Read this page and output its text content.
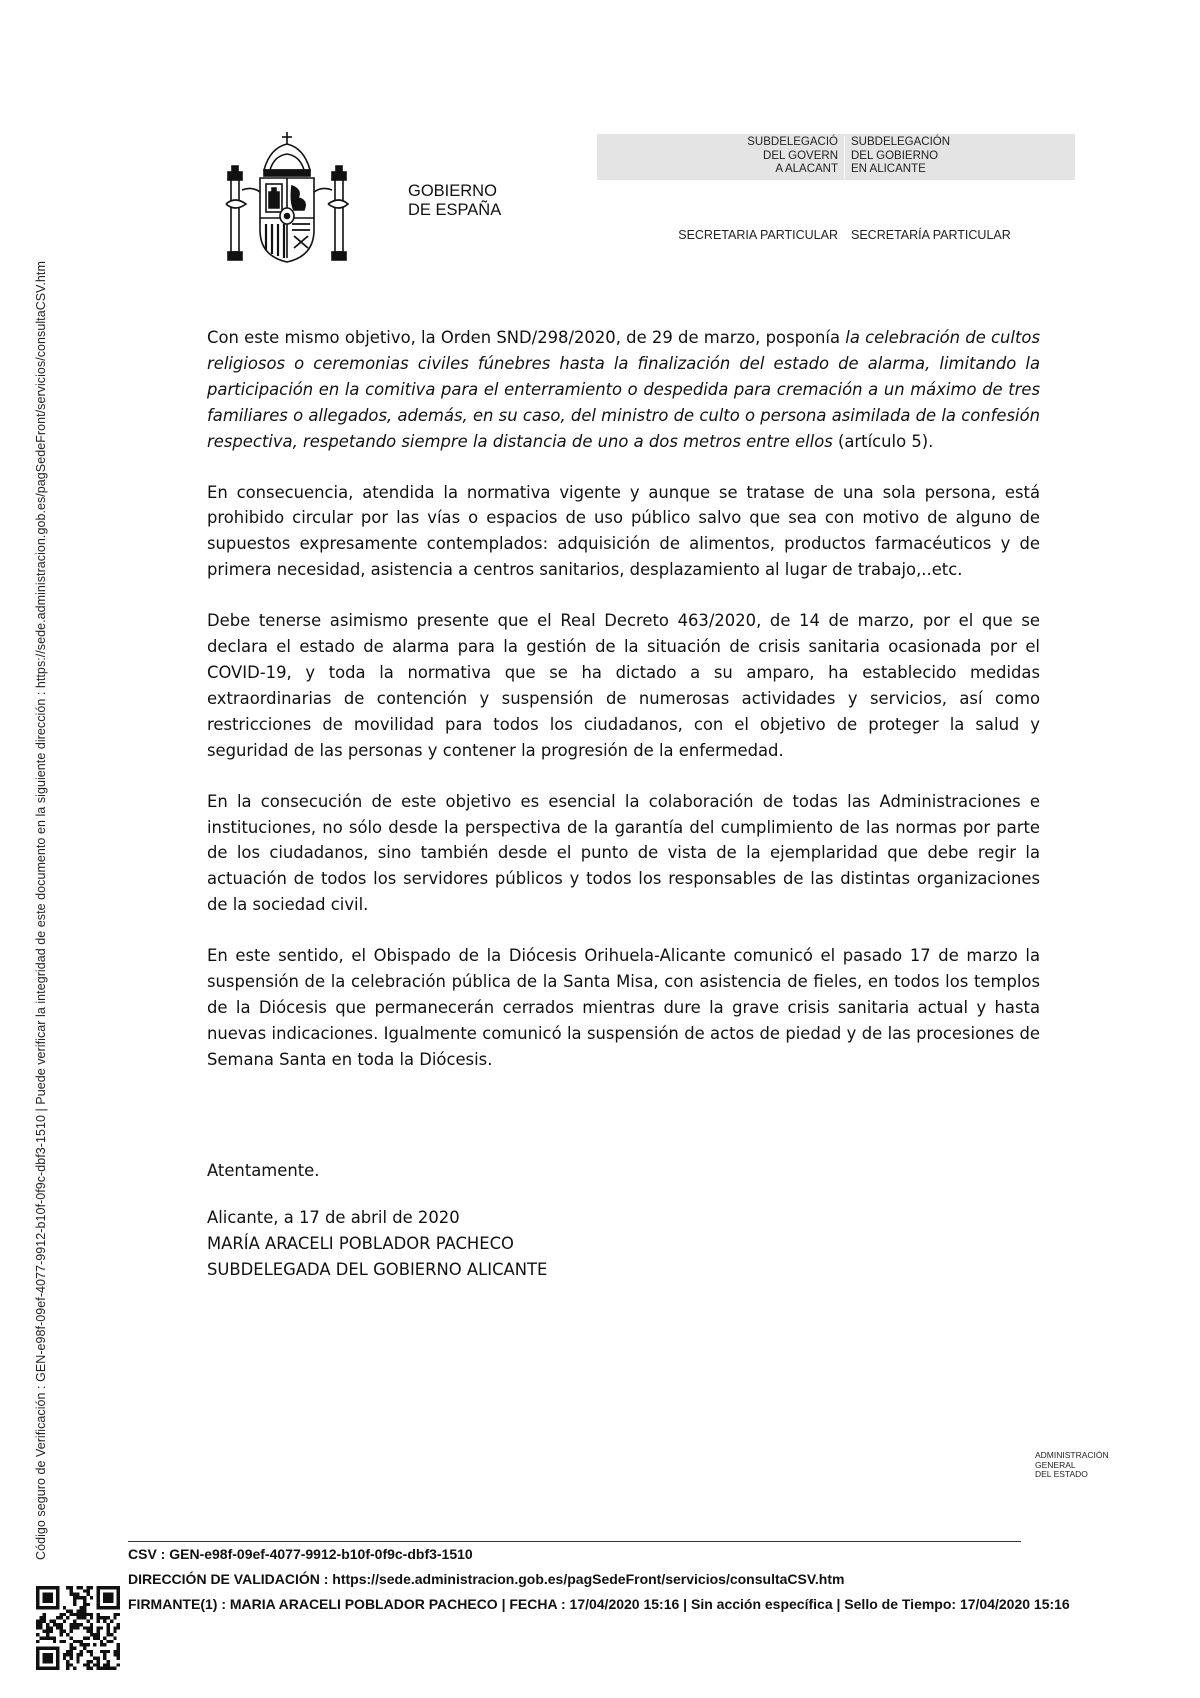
Código seguro de Verificación : GEN-e98f-09ef-4077-9912-b10f-0f9c-dbf3-1510 | Puede verificar la integridad de este documento en la siguiente dirección : https://sede.administracion.gob.es/pagSedeFront/servicios/consultaCSV.htm
GOBIERNO
DE ESPAÑA
SUBDELEGACIÓ
DEL GOVERN
A ALACANT
SUBDELEGACIÓN
DEL GOBIERNO
EN ALICANTE
SECRETARIA PARTICULAR SECRETARÍA PARTICULAR

Con este mismo objetivo, la Orden SND/298/2020, de 29 de marzo, posponía la celebración de cultos religiosos o ceremonias civiles fúnebres hasta la finalización del estado de alarma, limitando la participación en la comitiva para el enterramiento o despedida para cremación a un máximo de tres familiares o allegados, además, en su caso, del ministro de culto o persona asimilada de la confesión respectiva, respetando siempre la distancia de uno a dos metros entre ellos (artículo 5).

En consecuencia, atendida la normativa vigente y aunque se tratase de una sola persona, está prohibido circular por las vías o espacios de uso público salvo que sea con motivo de alguno de supuestos expresamente contemplados: adquisición de alimentos, productos farmacéuticos y de primera necesidad, asistencia a centros sanitarios, desplazamiento al lugar de trabajo,..etc.

Debe tenerse asimismo presente que el Real Decreto 463/2020, de 14 de marzo, por el que se declara el estado de alarma para la gestión de la situación de crisis sanitaria ocasionada por el COVID-19, y toda la normativa que se ha dictado a su amparo, ha establecido medidas extraordinarias de contención y suspensión de numerosas actividades y servicios, así como restricciones de movilidad para todos los ciudadanos, con el objetivo de proteger la salud y seguridad de las personas y contener la progresión de la enfermedad.

En la consecución de este objetivo es esencial la colaboración de todas las Administraciones e instituciones, no sólo desde la perspectiva de la garantía del cumplimiento de las normas por parte de los ciudadanos, sino también desde el punto de vista de la ejemplaridad que debe regir la actuación de todos los servidores públicos y todos los responsables de las distintas organizaciones de la sociedad civil.

En este sentido, el Obispado de la Diócesis Orihuela-Alicante comunicó el pasado 17 de marzo la suspensión de la celebración pública de la Santa Misa, con asistencia de fieles, en todos los templos de la Diócesis que permanecerán cerrados mientras dure la grave crisis sanitaria actual y hasta nuevas indicaciones. Igualmente comunicó la suspensión de actos de piedad y de las procesiones de Semana Santa en toda la Diócesis.

Atentamente.
Alicante, a 17 de abril de 2020
MARÍA ARACELI POBLADOR PACHECO
SUBDELEGADA DEL GOBIERNO ALICANTE
ADMINISTRACIÓN
GENERAL
DEL ESTADO
CSV : GEN-e98f-09ef-4077-9912-b10f-0f9c-dbf3-1510
DIRECCIÓN DE VALIDACIÓN : https://sede.administracion.gob.es/pagSedeFront/servicios/consultaCSV.htm
FIRMANTE(1) : MARIA ARACELI POBLADOR PACHECO | FECHA : 17/04/2020 15:16 | Sin acción específica | Sello de Tiempo: 17/04/2020 15:16
